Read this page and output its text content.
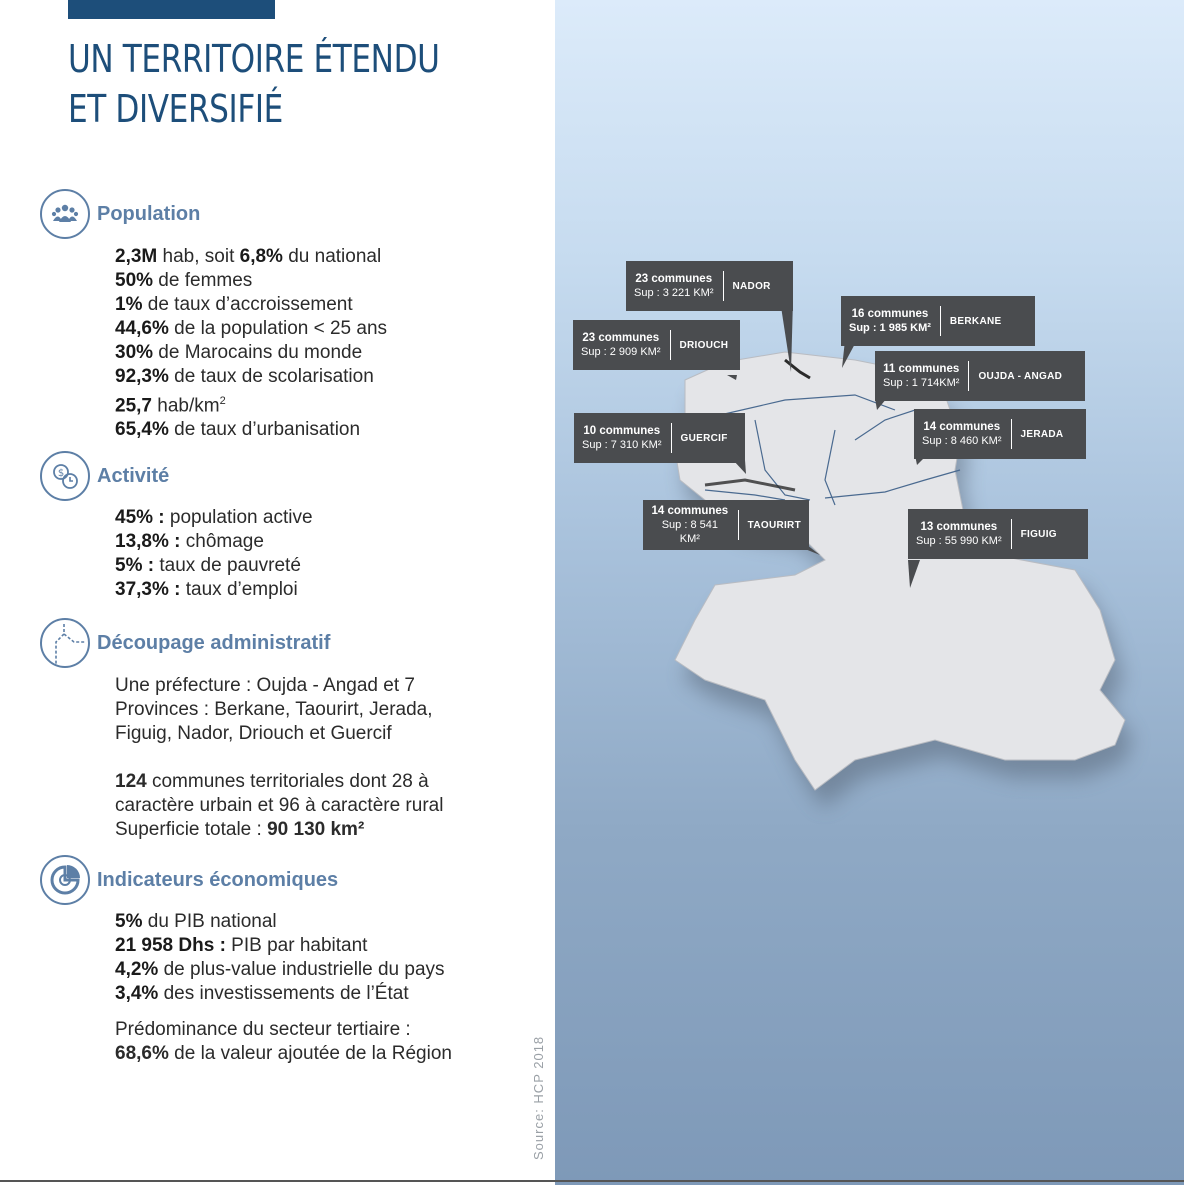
UN TERRITOIRE ÉTENDU
ET DIVERSIFIÉ
Population
2,3M hab, soit 6,8% du national
50% de femmes
1% de taux d’accroissement
44,6% de la population < 25 ans
30% de Marocains du monde
92,3% de taux de scolarisation
25,7 hab/$km^2$
65,4% de taux d’urbanisation
$ Activité
45% : population active
13,8% : chômage
5% : taux de pauvreté
37,3% : taux d’emploi
Découpage administratif
Une préfecture : Oujda - Angad et 7
Provinces : Berkane, Taourirt, Jerada,
Figuig, Nador, Driouch et Guercif
124 communes territoriales dont 28 à
caractère urbain et 96 à caractère rural
Superficie totale : 90 130 km²
Indicateurs économiques
5% du PIB national
21 958 Dhs : PIB par habitant
4,2% de plus-value industrielle du pays
3,4% des investissements de l’État
Prédominance du secteur tertiaire :
68,6% de la valeur ajoutée de la Région	Source: HCP 2018
23 communes
Sup : 3 221 KM²
NADOR
16 communes
Sup : 1 985 KM²
BERKANE
23 communes
Sup : 2 909 KM²
DRIOUCH
11 communes
Sup : 1 714KM²
OUJDA - ANGAD
10 communes
Sup : 7 310 KM²
GUERCIF
14 communes
Sup : 8 460 KM²
JERADA
14 communes
Sup : 8 541 KM²
TAOURIRT	13 communes
Sup : 55 990 KM²
FIGUIG
